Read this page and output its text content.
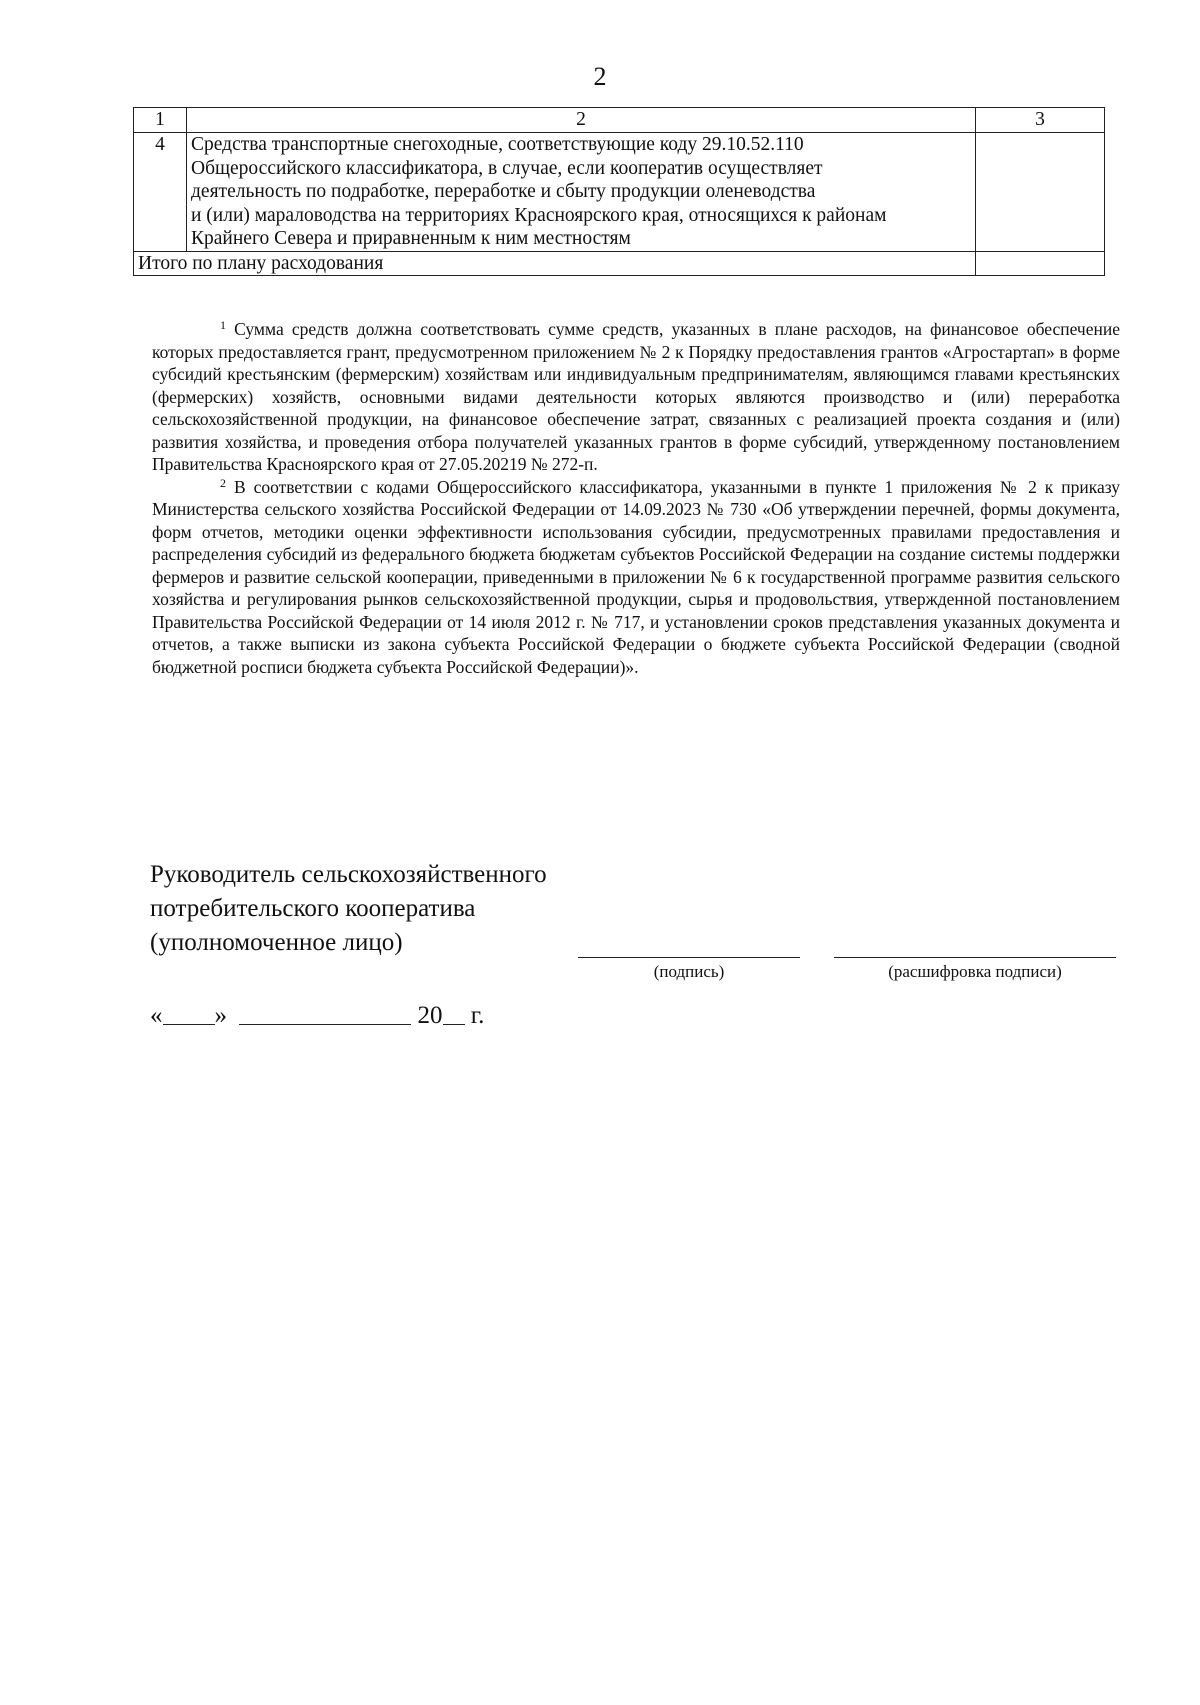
2
1	2	3
4	Средства транспортные снегоходные, соответствующие коду 29.10.52.110
Общероссийского классификатора, в случае, если кооператив осуществляет
деятельность по подработке, переработке и сбыту продукции оленеводства
и (или) мараловодства на территориях Красноярского края, относящихся к районам
Крайнего Севера и приравненным к ним местностям	

Итого по плану расходования		

$^1$ Сумма средств должна соответствовать сумме средств, указанных в плане расходов, на финансовое обеспечение которых предоставляется грант, предусмотренном приложением № 2 к Порядку предоставления грантов «Агростартап» в форме субсидий крестьянским (фермерским) хозяйствам или индивидуальным предпринимателям, являющимся главами крестьянских (фермерских) хозяйств, основными видами деятельности которых являются производство и (или) переработка сельскохозяйственной продукции, на финансовое обеспечение затрат, связанных с реализацией проекта создания и (или) развития хозяйства, и проведения отбора получателей указанных грантов в форме субсидий, утвержденному постановлением Правительства Красноярского края от 27.05.20219 № 272-п.

$^2$ В соответствии с кодами Общероссийского классификатора, указанными в пункте 1 приложения № 2 к приказу Министерства сельского хозяйства Российской Федерации от 14.09.2023 № 730 «Об утверждении перечней, формы документа, форм отчетов, методики оценки эффективности использования субсидии, предусмотренных правилами предоставления и распределения субсидий из федерального бюджета бюджетам субъектов Российской Федерации на создание системы поддержки фермеров и развитие сельской кооперации, приведенными в приложении № 6 к государственной программе развития сельского хозяйства и регулирования рынков сельскохозяйственной продукции, сырья и продовольствия, утвержденной постановлением Правительства Российской Федерации от 14 июля 2012 г. № 717, и установлении сроков представления указанных документа и отчетов, а также выписки из закона субъекта Российской Федерации о бюджете субъекта Российской Федерации (сводной бюджетной росписи бюджета субъекта Российской Федерации)».

Руководитель сельскохозяйственного
потребительского кооператива
(уполномоченное лицо)
(подпись)	(расшифровка подписи)
« »	20 г.
